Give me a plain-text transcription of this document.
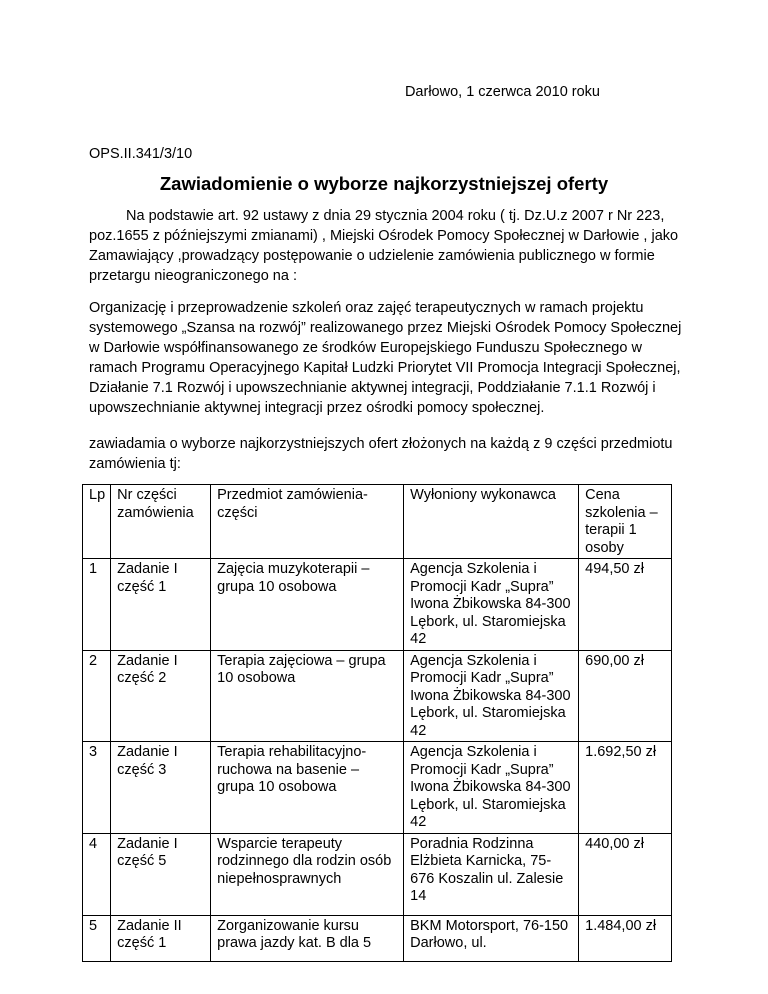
Darłowo, 1 czerwca 2010 roku
OPS.II.341/3/10
Zawiadomienie o wyborze najkorzystniejszej oferty
Na podstawie art. 92 ustawy z dnia 29 stycznia 2004 roku ( tj. Dz.U.z 2007 r Nr 223, poz.1655 z późniejszymi zmianami) , Miejski Ośrodek Pomocy Społecznej w Darłowie , jako Zamawiający ,prowadzący postępowanie o udzielenie zamówienia publicznego w formie przetargu nieograniczonego na :
Organizację i przeprowadzenie szkoleń oraz zajęć terapeutycznych w ramach projektu systemowego „Szansa na rozwój” realizowanego przez Miejski Ośrodek Pomocy Społecznej w Darłowie współfinansowanego ze środków Europejskiego Funduszu Społecznego w ramach Programu Operacyjnego Kapitał Ludzki Priorytet VII Promocja Integracji Społecznej, Działanie 7.1 Rozwój i upowszechnianie aktywnej integracji, Poddziałanie 7.1.1 Rozwój i upowszechnianie aktywnej integracji przez ośrodki pomocy społecznej.
zawiadamia o wyborze najkorzystniejszych ofert złożonych na każdą z 9 części przedmiotu zamówienia tj:
Lp	Nr części zamówienia	Przedmiot zamówienia- części	Wyłoniony wykonawca	Cena szkolenia – terapii 1 osoby
1	Zadanie I część 1	Zajęcia muzykoterapii – grupa 10 osobowa	Agencja Szkolenia i Promocji Kadr „Supra” Iwona Żbikowska 84-300 Lębork, ul. Staromiejska 42	494,50 zł
2	Zadanie I część 2	Terapia zajęciowa – grupa 10 osobowa	Agencja Szkolenia i Promocji Kadr „Supra” Iwona Żbikowska 84-300 Lębork, ul. Staromiejska 42	690,00 zł
3	Zadanie I część 3	Terapia rehabilitacyjno-ruchowa na basenie – grupa 10 osobowa	Agencja Szkolenia i Promocji Kadr „Supra” Iwona Żbikowska 84-300 Lębork, ul. Staromiejska 42	1.692,50 zł
4	Zadanie I część 5	Wsparcie terapeuty rodzinnego dla rodzin osób niepełnosprawnych	Poradnia Rodzinna Elżbieta Karnicka, 75-676 Koszalin ul. Zalesie 14	440,00 zł
5	Zadanie II część 1	Zorganizowanie kursu prawa jazdy kat. B dla 5	BKM Motorsport, 76-150 Darłowo, ul.	1.484,00 zł
